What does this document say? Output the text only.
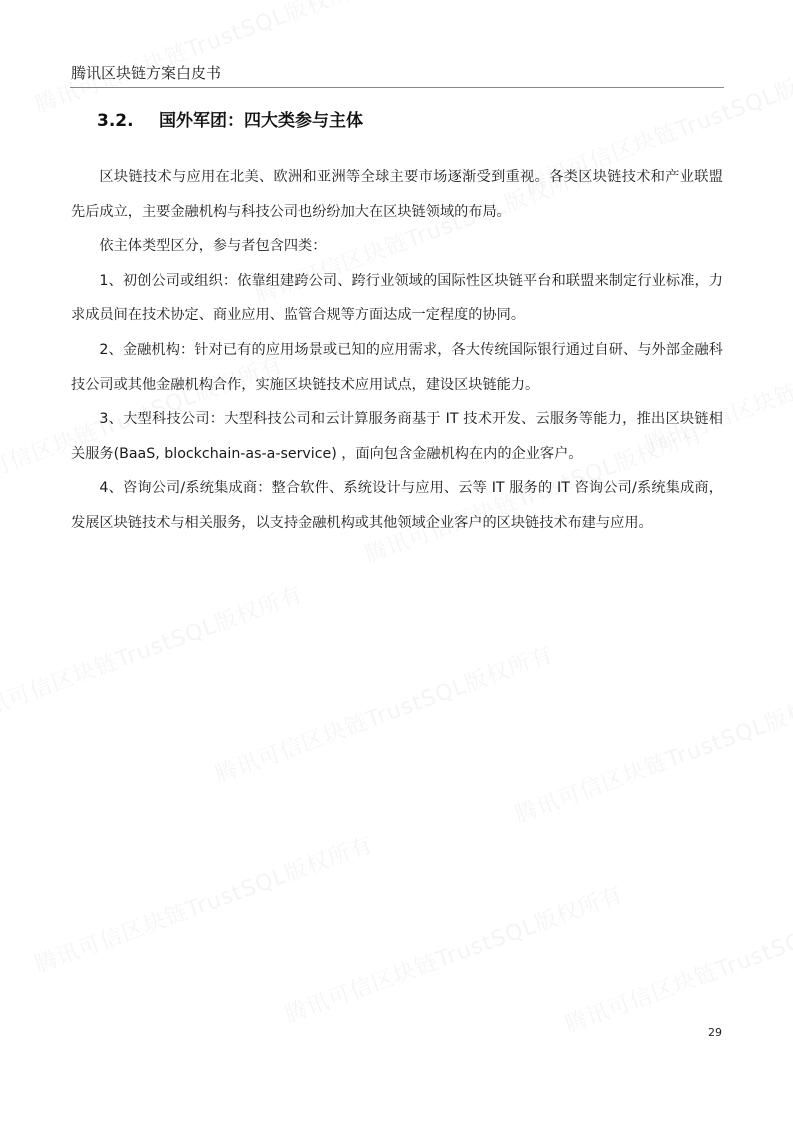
腾讯区块链方案白皮书
3.2. 国外军团：四大类参与主体

区块链技术与应用在北美、欧洲和亚洲等全球主要市场逐渐受到重视。各类区块链技术和产业联盟先后成立，主要金融机构与科技公司也纷纷加大在区块链领域的布局。

依主体类型区分，参与者包含四类：

1、初创公司或组织：依靠组建跨公司、跨行业领域的国际性区块链平台和联盟来制定行业标准，力求成员间在技术协定、商业应用、监管合规等方面达成一定程度的协同。

2、金融机构：针对已有的应用场景或已知的应用需求，各大传统国际银行通过自研、与外部金融科技公司或其他金融机构合作，实施区块链技术应用试点，建设区块链能力。

3、大型科技公司：大型科技公司和云计算服务商基于 IT 技术开发、云服务等能力，推出区块链相关服务(BaaS, blockchain-as-a-service) ，面向包含金融机构在内的企业客户。

4、咨询公司/系统集成商：整合软件、系统设计与应用、云等 IT 服务的 IT 咨询公司/系统集成商，发展区块链技术与相关服务，以支持金融机构或其他领域企业客户的区块链技术布建与应用。

29
